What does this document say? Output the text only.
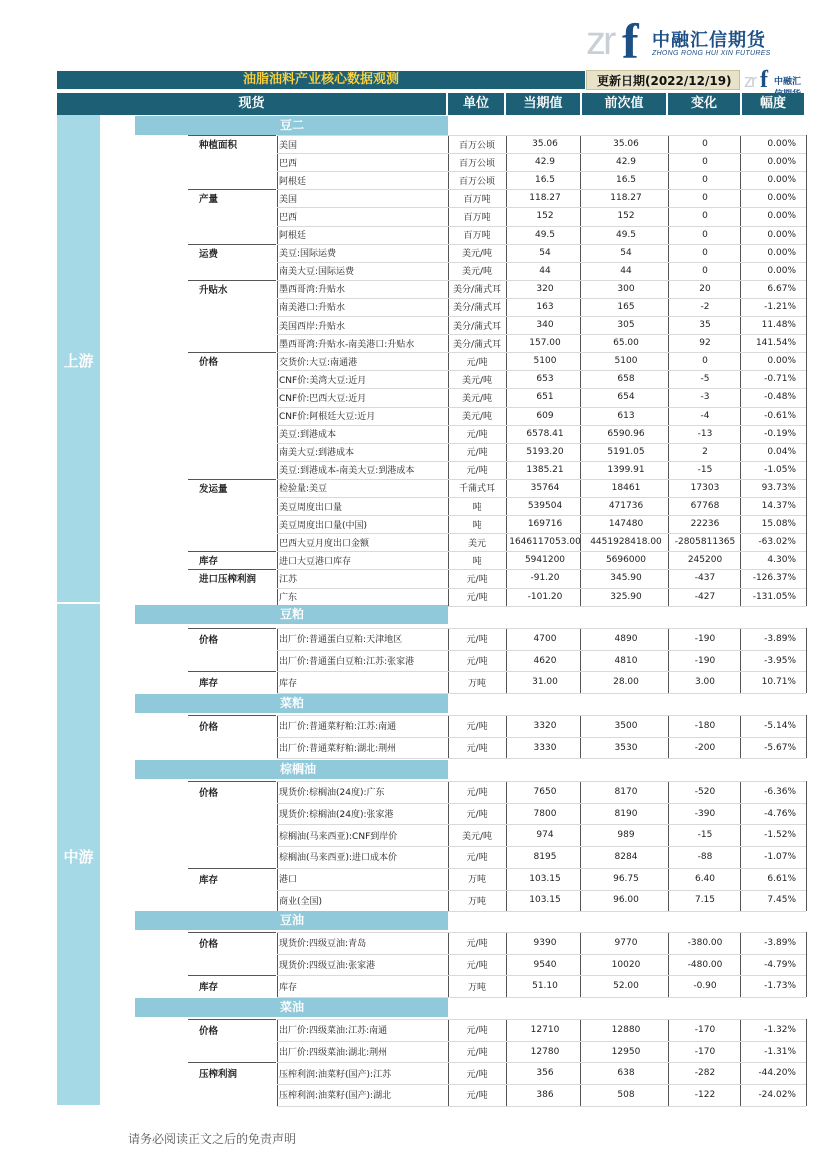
zr f 中融汇信期货
ZHONG RONG HUI XIN FUTURES
油脂油料产业核心数据观测	更新日期(2022/12/19) zr f 中融汇
现货	单位	当期值	前次值	变化	幅度
上游
中游
豆二
种植面积	美国	百万公顷	35.06	35.06	0	0.00%
巴西	百万公顷	42.9	42.9	0	0.00%
阿根廷	百万公顷	16.5	16.5	0	0.00%
产量	美国	百万吨	118.27	118.27	0	0.00%
巴西	百万吨	152	152	0	0.00%
阿根廷	百万吨	49.5	49.5	0	0.00%
运费	美豆:国际运费	美元/吨	54	54	0	0.00%
南美大豆:国际运费	美元/吨	44	44	0	0.00%
升贴水	墨西哥湾:升贴水	美分/蒲式耳	320	300	20	6.67%
南美港口:升贴水	美分/蒲式耳	163	165	-2	-1.21%
美国西岸:升贴水	美分/蒲式耳	340	305	35	11.48%
墨西哥湾:升贴水-南美港口:升贴水	美分/蒲式耳	157.00	65.00	92	141.54%
价格	交货价:大豆:南通港	元/吨	5100	5100	0	0.00%
CNF价:美湾大豆:近月	美元/吨	653	658	-5	-0.71%
CNF价:巴西大豆:近月	美元/吨	651	654	-3	-0.48%
CNF价:阿根廷大豆:近月	美元/吨	609	613	-4	-0.61%
美豆:到港成本	元/吨	6578.41	6590.96	-13	-0.19%
南美大豆:到港成本	元/吨	5193.20	5191.05	2	0.04%
美豆:到港成本-南美大豆:到港成本	元/吨	1385.21	1399.91	-15	-1.05%
发运量	检验量:美豆	千蒲式耳	35764	18461	17303	93.73%
美豆周度出口量	吨	539504	471736	67768	14.37%
美豆周度出口量(中国)	吨	169716	147480	22236	15.08%
巴西大豆月度出口金额	美元	1646117053.00	4451928418.00	-2805811365	-63.02%
库存	进口大豆港口库存	吨	5941200	5696000	245200	4.30%
进口压榨利润	江苏	元/吨	-91.20	345.90	-437	-126.37%
广东	元/吨	-101.20	325.90	-427	-131.05%
豆粕
价格	出厂价:普通蛋白豆粕:天津地区	元/吨	4700	4890	-190	-3.89%
出厂价:普通蛋白豆粕:江苏:张家港	元/吨	4620	4810	-190	-3.95%
库存	库存	万吨	31.00	28.00	3.00	10.71%
菜粕
价格	出厂价:普通菜籽粕:江苏:南通	元/吨	3320	3500	-180	-5.14%
出厂价:普通菜籽粕:湖北:荆州	元/吨	3330	3530	-200	-5.67%
棕榈油
价格	现货价:棕榈油(24度):广东	元/吨	7650	8170	-520	-6.36%
现货价:棕榈油(24度):张家港	元/吨	7800	8190	-390	-4.76%
棕榈油(马来西亚):CNF到岸价	美元/吨	974	989	-15	-1.52%
棕榈油(马来西亚):进口成本价	元/吨	8195	8284	-88	-1.07%
库存	港口	万吨	103.15	96.75	6.40	6.61%
商业(全国)	万吨	103.15	96.00	7.15	7.45%
豆油
价格	现货价:四级豆油:青岛	元/吨	9390	9770	-380.00	-3.89%
现货价:四级豆油:张家港	元/吨	9540	10020	-480.00	-4.79%
库存	库存	万吨	51.10	52.00	-0.90	-1.73%
菜油
价格	出厂价:四级菜油:江苏:南通	元/吨	12710	12880	-170	-1.32%
出厂价:四级菜油:湖北:荆州	元/吨	12780	12950	-170	-1.31%
压榨利润	压榨利润:油菜籽(国产):江苏	元/吨	356	638	-282	-44.20%
压榨利润:油菜籽(国产):湖北	元/吨	386	508	-122	-24.02%
请务必阅读正文之后的免责声明
